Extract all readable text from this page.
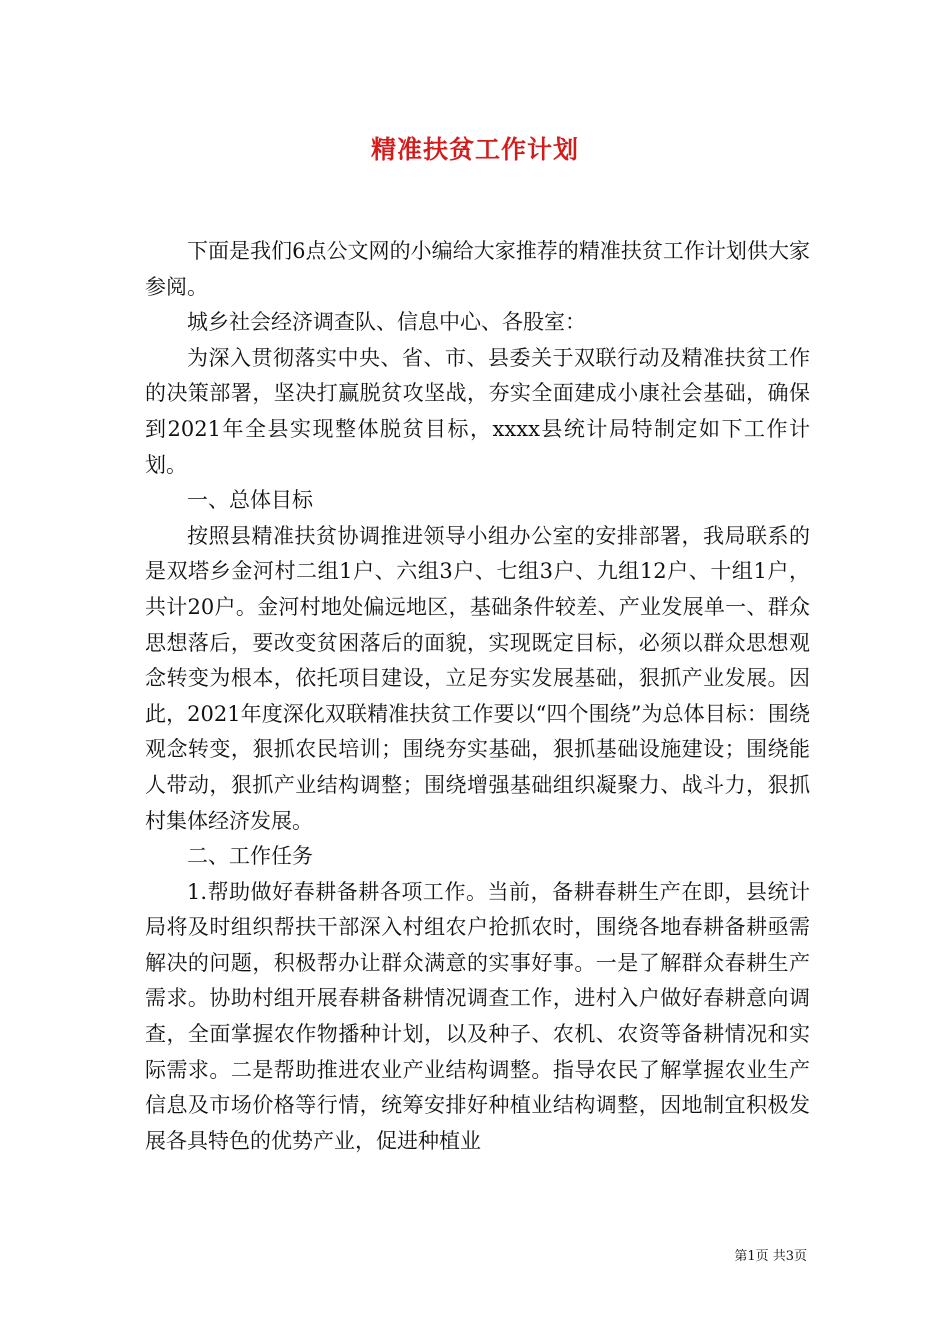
精准扶贫工作计划

下面是我们6点公文网的小编给大家推荐的精准扶贫工作计划供大家参阅。

城乡社会经济调查队、信息中心、各股室：

为深入贯彻落实中央、省、市、县委关于双联行动及精准扶贫工作的决策部署，坚决打赢脱贫攻坚战，夯实全面建成小康社会基础，确保到2021年全县实现整体脱贫目标，xxxx县统计局特制定如下工作计划。

一、总体目标

按照县精准扶贫协调推进领导小组办公室的安排部署，我局联系的是双塔乡金河村二组1户、六组3户、七组3户、九组12户、十组1户，共计20户。金河村地处偏远地区，基础条件较差、产业发展单一、群众思想落后，要改变贫困落后的面貌，实现既定目标，必须以群众思想观念转变为根本，依托项目建设，立足夯实发展基础，狠抓产业发展。因此，2021年度深化双联精准扶贫工作要以“四个围绕”为总体目标：围绕观念转变，狠抓农民培训；围绕夯实基础，狠抓基础设施建设；围绕能人带动，狠抓产业结构调整；围绕增强基础组织凝聚力、战斗力，狠抓村集体经济发展。

二、工作任务

1.帮助做好春耕备耕各项工作。当前，备耕春耕生产在即，县统计局将及时组织帮扶干部深入村组农户抢抓农时，围绕各地春耕备耕亟需解决的问题，积极帮办让群众满意的实事好事。一是了解群众春耕生产需求。协助村组开展春耕备耕情况调查工作，进村入户做好春耕意向调查，全面掌握农作物播种计划，以及种子、农机、农资等备耕情况和实际需求。二是帮助推进农业产业结构调整。指导农民了解掌握农业生产信息及市场价格等行情，统筹安排好种植业结构调整，因地制宜积极发展各具特色的优势产业，促进种植业

第1页 共3页
